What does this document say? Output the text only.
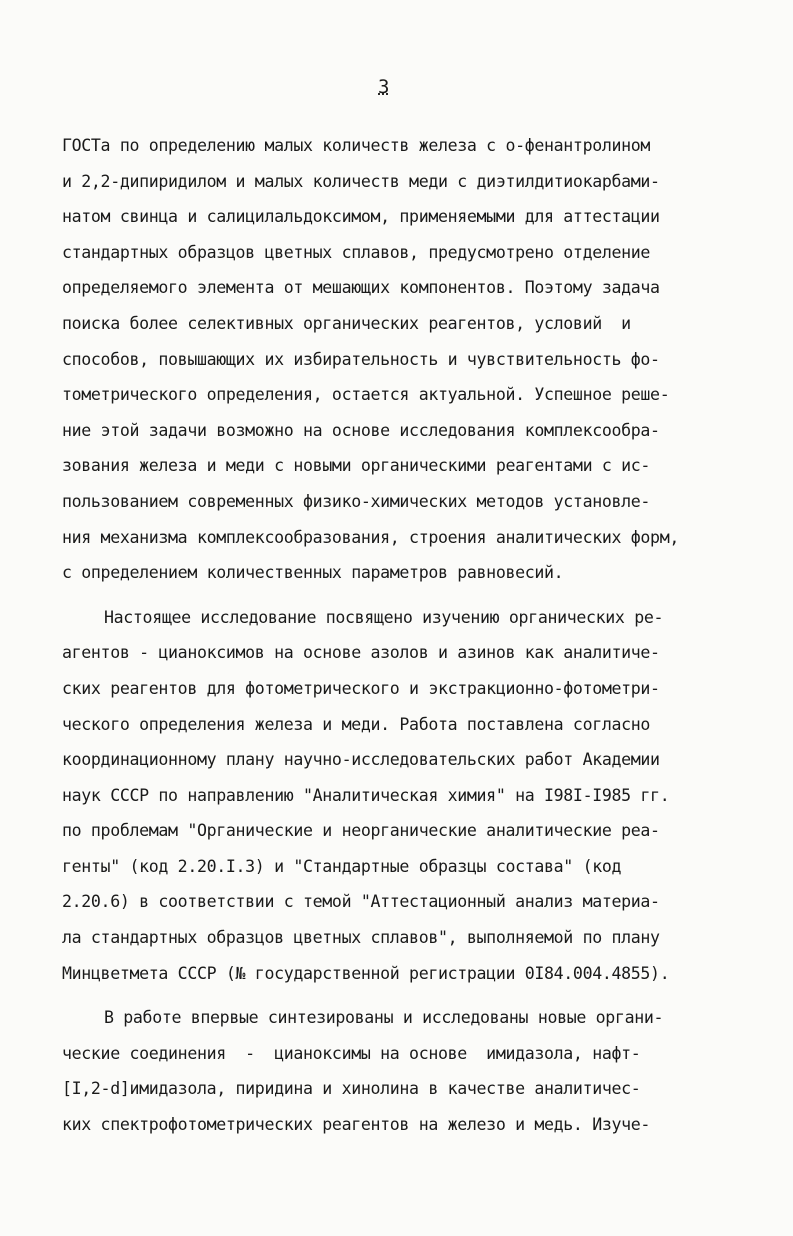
3
ГОСТа по определению малых количеств железа с о-фенантролином
и 2,2-дипиридилом и малых количеств меди с диэтилдитиокарбами-
натом свинца и салицилальдоксимом, применяемыми для аттестации
стандартных образцов цветных сплавов, предусмотрено отделение
определяемого элемента от мешающих компонентов. Поэтому задача
поиска более селективных органических реагентов, условий  и
способов, повышающих их избирательность и чувствительность фо-
тометрического определения, остается актуальной. Успешное реше-
ние этой задачи возможно на основе исследования комплексообра-
зования железа и меди с новыми органическими реагентами с ис-
пользованием современных физико-химических методов установле-
ния механизма комплексообразования, строения аналитических форм,
с определением количественных параметров равновесий.
Настоящее исследование посвящено изучению органических ре-
агентов - цианоксимов на основе азолов и азинов как аналитиче-
ских реагентов для фотометрического и экстракционно-фотометри-
ческого определения железа и меди. Работа поставлена согласно
координационному плану научно-исследовательских работ Академии
наук СССР по направлению "Аналитическая химия" на I98I-I985 гг.
по проблемам "Органические и неорганические аналитические реа-
генты" (код 2.20.I.3) и "Стандартные образцы состава" (код
2.20.6) в соответствии с темой "Аттестационный анализ материа-
ла стандартных образцов цветных сплавов", выполняемой по плану
Минцветмета СССР (№ государственной регистрации 0I84.004.4855).
В работе впервые синтезированы и исследованы новые органи-
ческие соединения  -  цианоксимы на основе  имидазола, нафт-
[I,2-d]имидазола, пиридина и хинолина в качестве аналитичес-
ких спектрофотометрических реагентов на железо и медь. Изуче-
